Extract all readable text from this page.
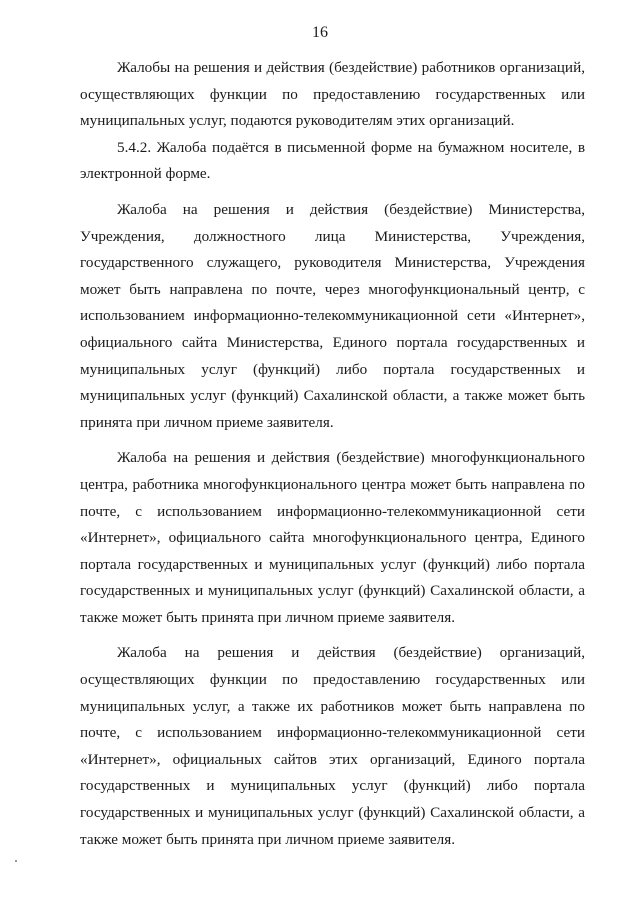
16

Жалобы на решения и действия (бездействие) работников организаций, осуществляющих функции по предоставлению государственных или муниципальных услуг, подаются руководителям этих организаций.

5.4.2. Жалоба подаётся в письменной форме на бумажном носителе, в электронной форме.

Жалоба на решения и действия (бездействие) Министерства, Учреждения, должностного лица Министерства, Учреждения, государственного служащего, руководителя Министерства, Учреждения может быть направлена по почте, через многофункциональный центр, с использованием информационно-телекоммуникационной сети «Интернет», официального сайта Министерства, Единого портала государственных и муниципальных услуг (функций) либо портала государственных и муниципальных услуг (функций) Сахалинской области, а также может быть принята при личном приеме заявителя.

Жалоба на решения и действия (бездействие) многофункционального центра, работника многофункционального центра может быть направлена по почте, с использованием информационно-телекоммуникационной сети «Интернет», официального сайта многофункционального центра, Единого портала государственных и муниципальных услуг (функций) либо портала государственных и муниципальных услуг (функций) Сахалинской области, а также может быть принята при личном приеме заявителя.

Жалоба на решения и действия (бездействие) организаций, осуществляющих функции по предоставлению государственных или муниципальных услуг, а также их работников может быть направлена по почте, с использованием информационно-телекоммуникационной сети «Интернет», официальных сайтов этих организаций, Единого портала государственных и муниципальных услуг (функций) либо портала государственных и муниципальных услуг (функций) Сахалинской области, а также может быть принята при личном приеме заявителя.
